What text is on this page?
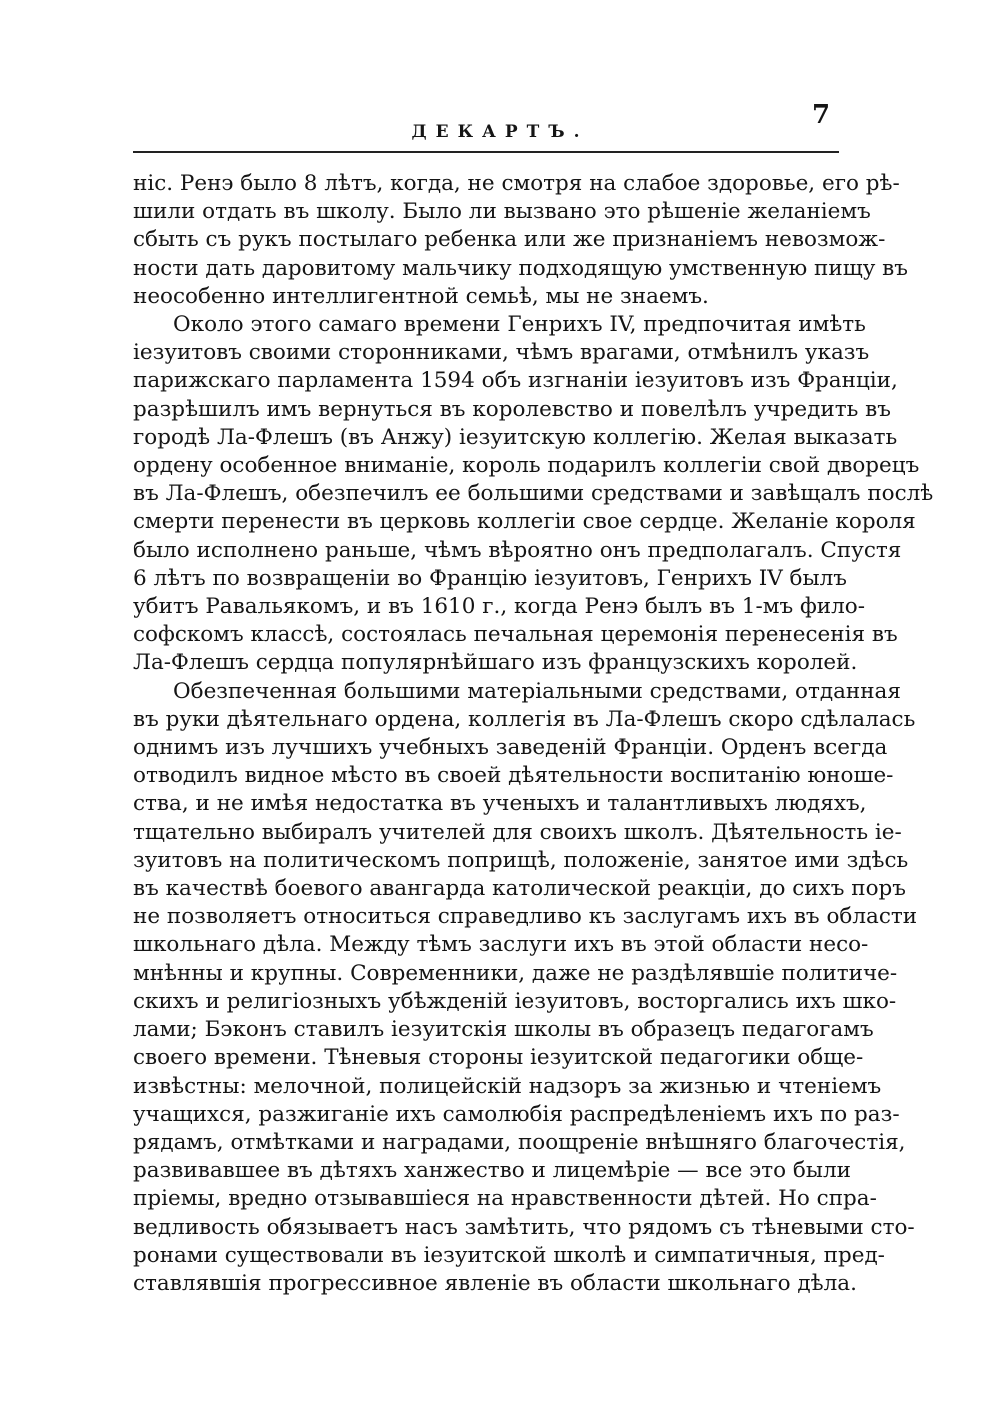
ДЕКАРТЪ.
7
ніс. Ренэ было 8 лѣтъ, когда, не смотря на слабое здоровье, его рѣ-
шили отдать въ школу. Было ли вызвано это рѣшеніе желаніемъ
сбыть съ рукъ постылаго ребенка или же признаніемъ невозмож-
ности дать даровитому мальчику подходящую умственную пищу въ
неособенно интеллигентной семьѣ, мы не знаемъ.
Около этого самаго времени Генрихъ IV, предпочитая имѣть
іезуитовъ своими сторонниками, чѣмъ врагами, отмѣнилъ указъ
парижскаго парламента 1594 объ изгнаніи іезуитовъ изъ Франціи,
разрѣшилъ имъ вернуться въ королевство и повелѣлъ учредить въ
городѣ Ла-Флешъ (въ Анжу) іезуитскую коллегію. Желая выказать
ордену особенное вниманіе, король подарилъ коллегіи свой дворецъ
въ Ла-Флешъ, обезпечилъ ее большими средствами и завѣщалъ послѣ
смерти перенести въ церковь коллегіи свое сердце. Желаніе короля
было исполнено раньше, чѣмъ вѣроятно онъ предполагалъ. Спустя
6 лѣтъ по возвращеніи во Францію іезуитовъ, Генрихъ IV былъ
убитъ Равальякомъ, и въ 1610 г., когда Ренэ былъ въ 1-мъ фило-
софскомъ классѣ, состоялась печальная церемонія перенесенія въ
Ла-Флешъ сердца популярнѣйшаго изъ французскихъ королей.
Обезпеченная большими матеріальными средствами, отданная
въ руки дѣятельнаго ордена, коллегія въ Ла-Флешъ скоро сдѣлалась
однимъ изъ лучшихъ учебныхъ заведеній Франціи. Орденъ всегда
отводилъ видное мѣсто въ своей дѣятельности воспитанію юноше-
ства, и не имѣя недостатка въ ученыхъ и талантливыхъ людяхъ,
тщательно выбиралъ учителей для своихъ школъ. Дѣятельность іе-
зуитовъ на политическомъ поприщѣ, положеніе, занятое ими здѣсь
въ качествѣ боевого авангарда католической реакціи, до сихъ поръ
не позволяетъ относиться справедливо къ заслугамъ ихъ въ области
школьнаго дѣла. Между тѣмъ заслуги ихъ въ этой области несо-
мнѣнны и крупны. Современники, даже не раздѣлявшіе политиче-
скихъ и религіозныхъ убѣжденій іезуитовъ, восторгались ихъ шко-
лами; Бэконъ ставилъ іезуитскія школы въ образецъ педагогамъ
своего времени. Тѣневыя стороны іезуитской педагогики обще-
извѣстны: мелочной, полицейскій надзоръ за жизнью и чтеніемъ
учащихся, разжиганіе ихъ самолюбія распредѣленіемъ ихъ по раз-
рядамъ, отмѣтками и наградами, поощреніе внѣшняго благочестія,
развивавшее въ дѣтяхъ ханжество и лицемѣріе — все это были
пріемы, вредно отзывавшіеся на нравственности дѣтей. Но спра-
ведливость обязываетъ насъ замѣтить, что рядомъ съ тѣневыми сто-
ронами существовали въ іезуитской школѣ и симпатичныя, пред-
ставлявшія прогрессивное явленіе въ области школьнаго дѣла.
